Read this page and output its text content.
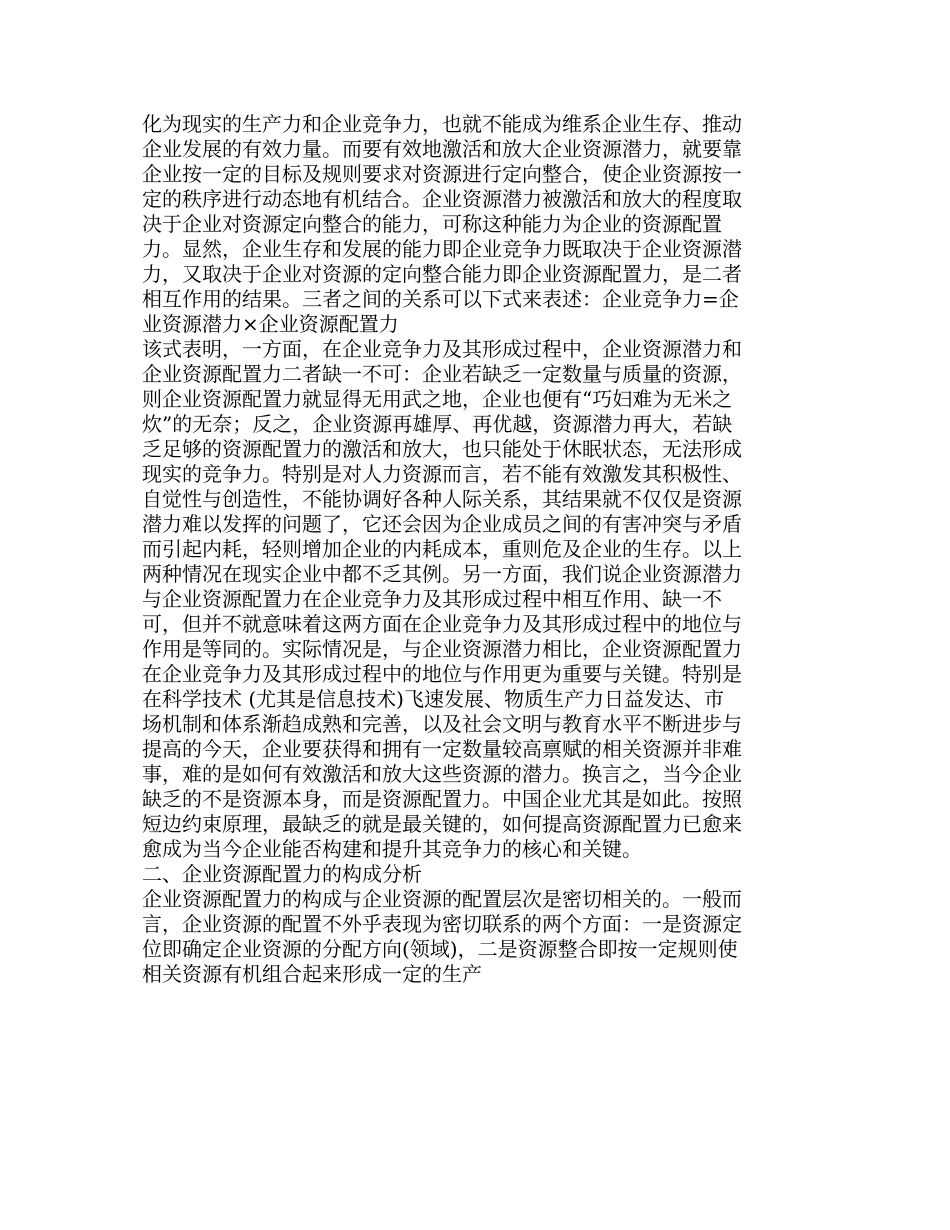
化为现实的生产力和企业竞争力，也就不能成为维系企业生存、推动企业发展的有效力量。而要有效地激活和放大企业资源潜力，就要靠企业按一定的目标及规则要求对资源进行定向整合，使企业资源按一定的秩序进行动态地有机结合。企业资源潜力被激活和放大的程度取决于企业对资源定向整合的能力，可称这种能力为企业的资源配置力。显然，企业生存和发展的能力即企业竞争力既取决于企业资源潜力，又取决于企业对资源的定向整合能力即企业资源配置力，是二者相互作用的结果。三者之间的关系可以下式来表述：企业竞争力=企业资源潜力×企业资源配置力

该式表明，一方面，在企业竞争力及其形成过程中，企业资源潜力和企业资源配置力二者缺一不可：企业若缺乏一定数量与质量的资源，则企业资源配置力就显得无用武之地，企业也便有“巧妇难为无米之炊”的无奈；反之，企业资源再雄厚、再优越，资源潜力再大，若缺乏足够的资源配置力的激活和放大，也只能处于休眠状态，无法形成现实的竞争力。特别是对人力资源而言，若不能有效激发其积极性、自觉性与创造性，不能协调好各种人际关系，其结果就不仅仅是资源潜力难以发挥的问题了，它还会因为企业成员之间的有害冲突与矛盾而引起内耗，轻则增加企业的内耗成本，重则危及企业的生存。以上两种情况在现实企业中都不乏其例。另一方面，我们说企业资源潜力与企业资源配置力在企业竞争力及其形成过程中相互作用、缺一不可，但并不就意味着这两方面在企业竞争力及其形成过程中的地位与作用是等同的。实际情况是，与企业资源潜力相比，企业资源配置力在企业竞争力及其形成过程中的地位与作用更为重要与关键。特别是在科学技术 (尤其是信息技术)飞速发展、物质生产力日益发达、市场机制和体系渐趋成熟和完善，以及社会文明与教育水平不断进步与提高的今天，企业要获得和拥有一定数量较高禀赋的相关资源并非难事，难的是如何有效激活和放大这些资源的潜力。换言之，当今企业缺乏的不是资源本身，而是资源配置力。中国企业尤其是如此。按照短边约束原理，最缺乏的就是最关键的，如何提高资源配置力已愈来愈成为当今企业能否构建和提升其竞争力的核心和关键。

二、企业资源配置力的构成分析

企业资源配置力的构成与企业资源的配置层次是密切相关的。一般而言，企业资源的配置不外乎表现为密切联系的两个方面：一是资源定位即确定企业资源的分配方向(领域)，二是资源整合即按一定规则使相关资源有机组合起来形成一定的生产
